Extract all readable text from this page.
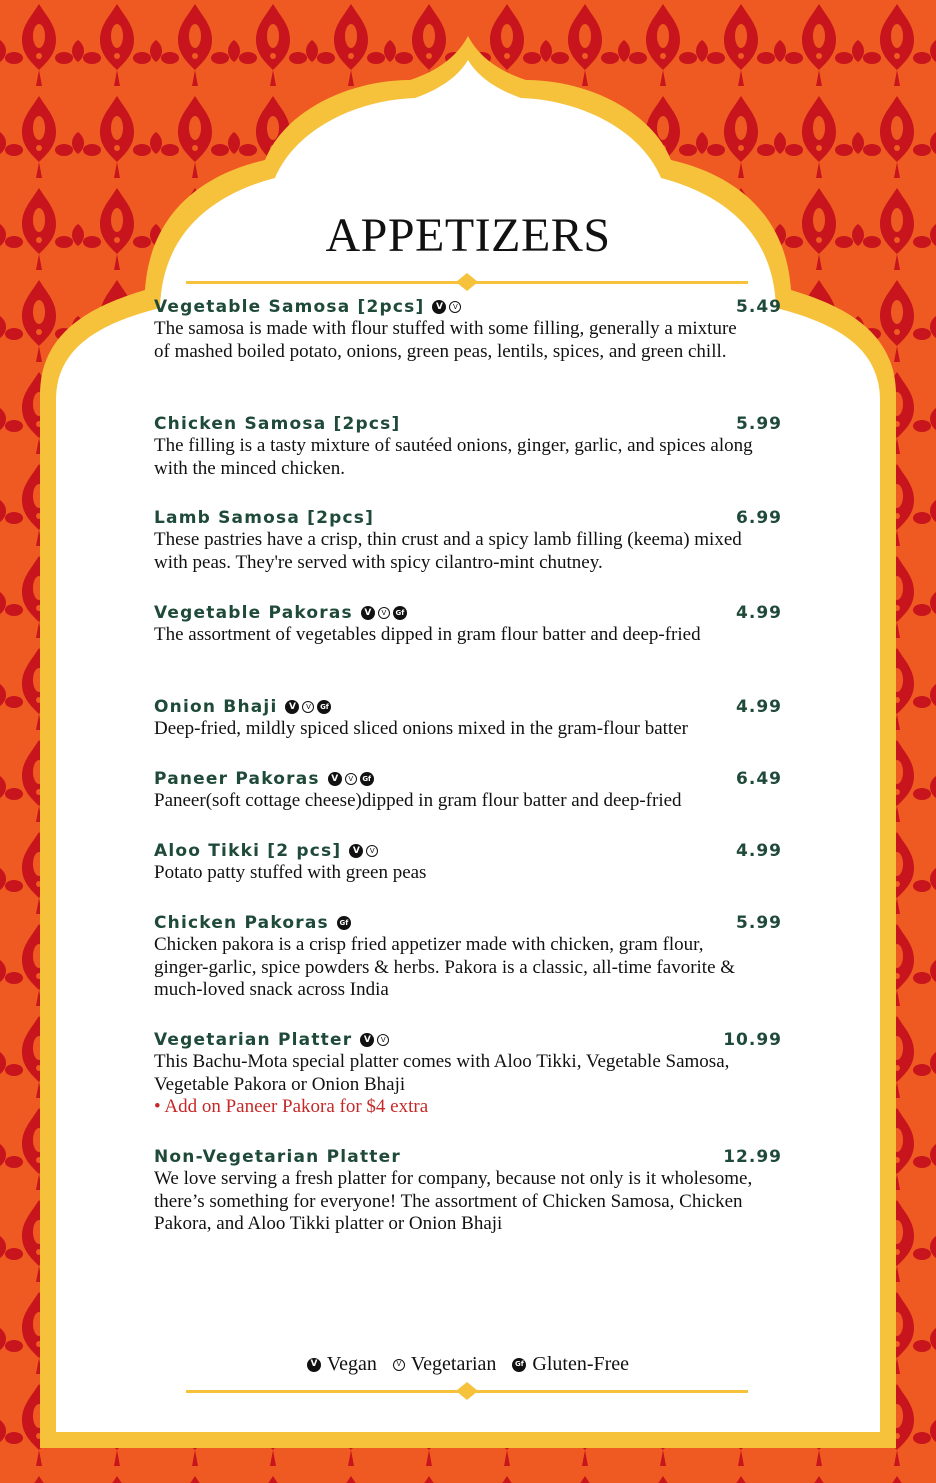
APPETIZERS
Vegetable Samosa [2pcs]	V	V	5.49

The samosa is made with flour stuffed with some filling, generally a mixture of mashed boiled potato, onions, green peas, lentils, spices, and green chill.

Chicken Samosa [2pcs]	5.99

The filling is a tasty mixture of sautéed onions, ginger, garlic, and spices along with the minced chicken.

Lamb Samosa [2pcs]	6.99

These pastries have a crisp, thin crust and a spicy lamb filling (keema) mixed with peas. They're served with spicy cilantro-mint chutney.

Vegetable Pakoras	V	V	Gf	4.99

The assortment of vegetables dipped in gram flour batter and deep-fried

Onion Bhaji	V	V	Gf	4.99

Deep-fried, mildly spiced sliced onions mixed in the gram-flour batter

Paneer Pakoras	V	V	Gf	6.49

Paneer(soft cottage cheese)dipped in gram flour batter and deep-fried

Aloo Tikki [2 pcs]	V	V	4.99

Potato patty stuffed with green peas

Chicken Pakoras	Gf	5.99

Chicken pakora is a crisp fried appetizer made with chicken, gram flour, ginger-garlic, spice powders & herbs. Pakora is a classic, all-time favorite & much-loved snack across India

Vegetarian Platter	V	V	10.99

This Bachu-Mota special platter comes with Aloo Tikki, Vegetable Samosa, Vegetable Pakora or Onion Bhaji

• Add on Paneer Pakora for $4 extra
Non-Vegetarian Platter	12.99

We love serving a fresh platter for company, because not only is it wholesome, there’s something for everyone! The assortment of Chicken Samosa, Chicken Pakora, and Aloo Tikki platter or Onion Bhaji

V Vegan	V Vegetarian	Gf Gluten-Free
